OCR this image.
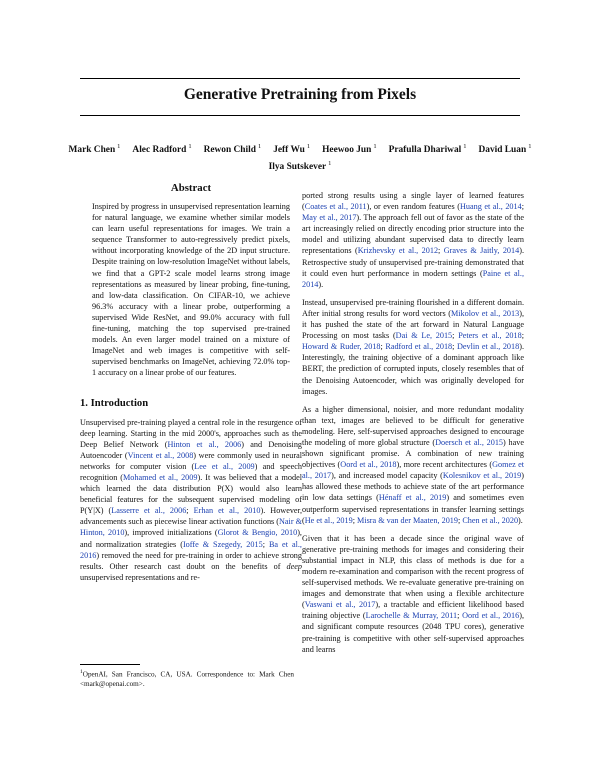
Generative Pretraining from Pixels
Mark Chen $^1$ Alec Radford $^1$ Rewon Child $^1$ Jeff Wu $^1$ Heewoo Jun $^1$ Prafulla Dhariwal $^1$ David Luan $^1$
Ilya Sutskever $^1$
Abstract

Inspired by progress in unsupervised representation learning for natural language, we examine whether similar models can learn useful representations for images. We train a sequence Transformer to auto-regressively predict pixels, without incorporating knowledge of the 2D input structure. Despite training on low-resolution ImageNet without labels, we find that a GPT-2 scale model learns strong image representations as measured by linear probing, fine-tuning, and low-data classification. On CIFAR-10, we achieve 96.3% accuracy with a linear probe, outperforming a supervised Wide ResNet, and 99.0% accuracy with full fine-tuning, matching the top supervised pre-trained models. An even larger model trained on a mixture of ImageNet and web images is competitive with self-supervised benchmarks on ImageNet, achieving 72.0% top-1 accuracy on a linear probe of our features.

1. Introduction

Unsupervised pre-training played a central role in the resurgence of deep learning. Starting in the mid 2000's, approaches such as the Deep Belief Network (Hinton et al., 2006) and Denoising Autoencoder (Vincent et al., 2008) were commonly used in neural networks for computer vision (Lee et al., 2009) and speech recognition (Mohamed et al., 2009). It was believed that a model which learned the data distribution P(X) would also learn beneficial features for the subsequent supervised modeling of P(Y|X) (Lasserre et al., 2006; Erhan et al., 2010). However, advancements such as piecewise linear activation functions (Nair & Hinton, 2010), improved initializations (Glorot & Bengio, 2010), and normalization strategies (Ioffe & Szegedy, 2015; Ba et al., 2016) removed the need for pre-training in order to achieve strong results. Other research cast doubt on the benefits of deep unsupervised representations and re-

ported strong results using a single layer of learned features (Coates et al., 2011), or even random features (Huang et al., 2014; May et al., 2017). The approach fell out of favor as the state of the art increasingly relied on directly encoding prior structure into the model and utilizing abundant supervised data to directly learn representations (Krizhevsky et al., 2012; Graves & Jaitly, 2014). Retrospective study of unsupervised pre-training demonstrated that it could even hurt performance in modern settings (Paine et al., 2014).

Instead, unsupervised pre-training flourished in a different domain. After initial strong results for word vectors (Mikolov et al., 2013), it has pushed the state of the art forward in Natural Language Processing on most tasks (Dai & Le, 2015; Peters et al., 2018; Howard & Ruder, 2018; Radford et al., 2018; Devlin et al., 2018). Interestingly, the training objective of a dominant approach like BERT, the prediction of corrupted inputs, closely resembles that of the Denoising Autoencoder, which was originally developed for images.

As a higher dimensional, noisier, and more redundant modality than text, images are believed to be difficult for generative modeling. Here, self-supervised approaches designed to encourage the modeling of more global structure (Doersch et al., 2015) have shown significant promise. A combination of new training objectives (Oord et al., 2018), more recent architectures (Gomez et al., 2017), and increased model capacity (Kolesnikov et al., 2019) has allowed these methods to achieve state of the art performance in low data settings (Hénaff et al., 2019) and sometimes even outperform supervised representations in transfer learning settings (He et al., 2019; Misra & van der Maaten, 2019; Chen et al., 2020).

Given that it has been a decade since the original wave of generative pre-training methods for images and considering their substantial impact in NLP, this class of methods is due for a modern re-examination and comparison with the recent progress of self-supervised methods. We re-evaluate generative pre-training on images and demonstrate that when using a flexible architecture (Vaswani et al., 2017), a tractable and efficient likelihood based training objective (Larochelle & Murray, 2011; Oord et al., 2016), and significant compute resources (2048 TPU cores), generative pre-training is competitive with other self-supervised approaches and learns

$^1$OpenAI, San Francisco, CA, USA. Correspondence to: Mark Chen <mark@openai.com>.
